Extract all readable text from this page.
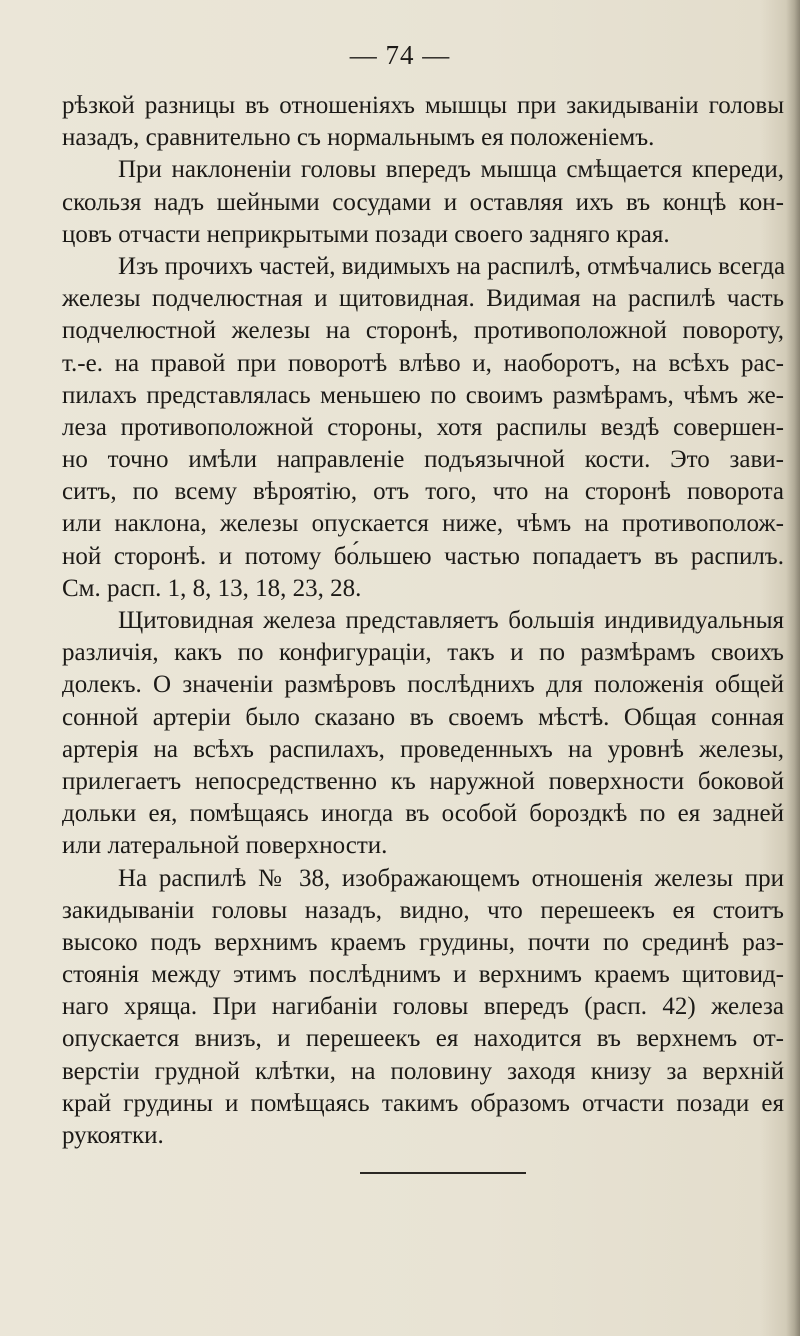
— 74 —
рѣзкой разницы въ отношеніяхъ мышцы при закидываніи головы
назадъ, сравнительно съ нормальнымъ ея положеніемъ.
При наклоненіи головы впередъ мышца смѣщается кпереди,
скользя надъ шейными сосудами и оставляя ихъ въ концѣ кон-
цовъ отчасти неприкрытыми позади своего задняго края.
Изъ прочихъ частей, видимыхъ на распилѣ, отмѣчались всегда
железы подчелюстная и щитовидная. Видимая на распилѣ часть
подчелюстной железы на сторонѣ, противоположной повороту,
т.-е. на правой при поворотѣ влѣво и, наоборотъ, на всѣхъ рас-
пилахъ представлялась меньшею по своимъ размѣрамъ, чѣмъ же-
леза противоположной стороны, хотя распилы вездѣ совершен-
но точно имѣли направленіе подъязычной кости. Это зави-
ситъ, по всему вѣроятію, отъ того, что на сторонѣ поворота
или наклона, железы опускается ниже, чѣмъ на противополож-
ной сторонѣ. и потому бо́льшею частью попадаетъ въ распилъ.
См. расп. 1, 8, 13, 18, 23, 28.
Щитовидная железа представляетъ большія индивидуальныя
различія, какъ по конфигураціи, такъ и по размѣрамъ своихъ
долекъ. О значеніи размѣровъ послѣднихъ для положенія общей
сонной артеріи было сказано въ своемъ мѣстѣ. Общая сонная
артерія на всѣхъ распилахъ, проведенныхъ на уровнѣ железы,
прилегаетъ непосредственно къ наружной поверхности боковой
дольки ея, помѣщаясь иногда въ особой бороздкѣ по ея задней
или латеральной поверхности.
На распилѣ № 38, изображающемъ отношенія железы при
закидываніи головы назадъ, видно, что перешеекъ ея стоитъ
высоко подъ верхнимъ краемъ грудины, почти по срединѣ раз-
стоянія между этимъ послѣднимъ и верхнимъ краемъ щитовид-
наго хряща. При нагибаніи головы впередъ (расп. 42) железа
опускается внизъ, и перешеекъ ея находится въ верхнемъ от-
верстіи грудной клѣтки, на половину заходя книзу за верхній
край грудины и помѣщаясь такимъ образомъ отчасти позади ея
рукоятки.
